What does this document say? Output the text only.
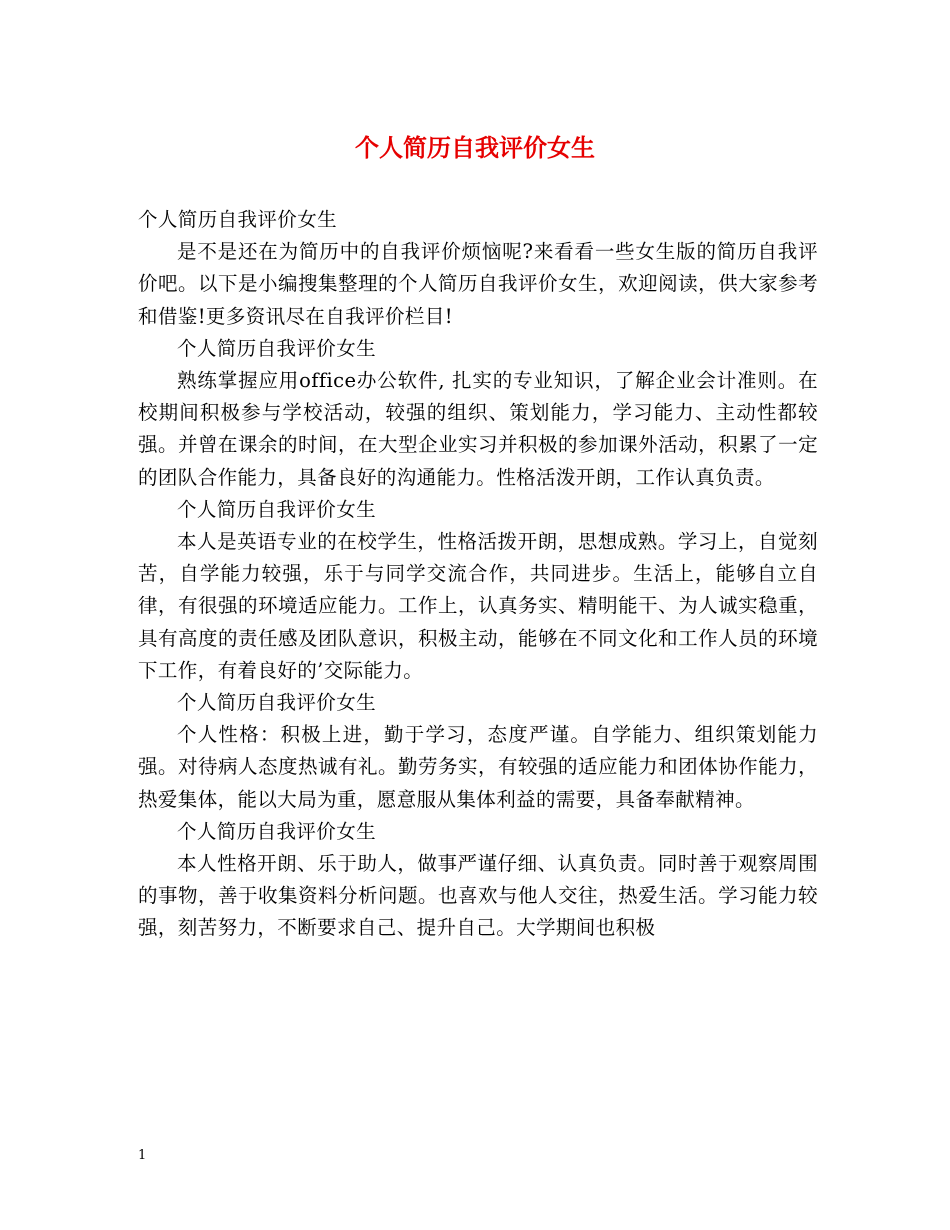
个人简历自我评价女生

个人简历自我评价女生

是不是还在为简历中的自我评价烦恼呢?来看看一些女生版的简历自我评价吧。以下是小编搜集整理的个人简历自我评价女生，欢迎阅读，供大家参考和借鉴!更多资讯尽在自我评价栏目!

个人简历自我评价女生

熟练掌握应用office办公软件, 扎实的专业知识，了解企业会计准则。在校期间积极参与学校活动，较强的组织、策划能力，学习能力、主动性都较强。并曾在课余的时间，在大型企业实习并积极的参加课外活动，积累了一定的团队合作能力，具备良好的沟通能力。性格活泼开朗，工作认真负责。

个人简历自我评价女生

本人是英语专业的在校学生，性格活拨开朗，思想成熟。学习上，自觉刻苦，自学能力较强，乐于与同学交流合作，共同进步。生活上，能够自立自律，有很强的环境适应能力。工作上，认真务实、精明能干、为人诚实稳重，具有高度的责任感及团队意识，积极主动，能够在不同文化和工作人员的环境下工作，有着良好的’交际能力。

个人简历自我评价女生

个人性格：积极上进，勤于学习，态度严谨。自学能力、组织策划能力强。对待病人态度热诚有礼。勤劳务实，有较强的适应能力和团体协作能力，热爱集体，能以大局为重，愿意服从集体利益的需要，具备奉献精神。

个人简历自我评价女生

本人性格开朗、乐于助人，做事严谨仔细、认真负责。同时善于观察周围的事物，善于收集资料分析问题。也喜欢与他人交往，热爱生活。学习能力较强，刻苦努力，不断要求自己、提升自己。大学期间也积极

1
